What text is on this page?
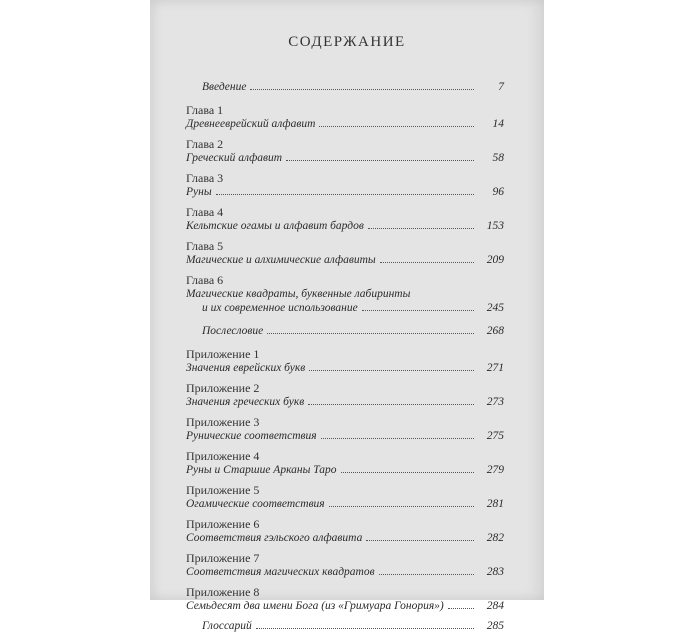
СОДЕРЖАНИЕ
Введение	7
Глава 1
Древнееврейский алфавит	14
Глава 2
Греческий алфавит	58
Глава 3
Руны	96
Глава 4
Кельтские огамы и алфавит бардов	153
Глава 5
Магические и алхимические алфавиты	209
Глава 6
Магические квадраты, буквенные лабиринты
и их современное использование	245
Послесловие	268
Приложение 1
Значения еврейских букв	271
Приложение 2
Значения греческих букв	273
Приложение 3
Рунические соответствия	275
Приложение 4
Руны и Старшие Арканы Таро	279
Приложение 5
Огамические соответствия	281
Приложение 6
Соответствия гэльского алфавита	282
Приложение 7
Соответствия магических квадратов	283
Приложение 8
Семьдесят два имени Бога (из «Гримуара Гонория»)	284
Глоссарий	285
